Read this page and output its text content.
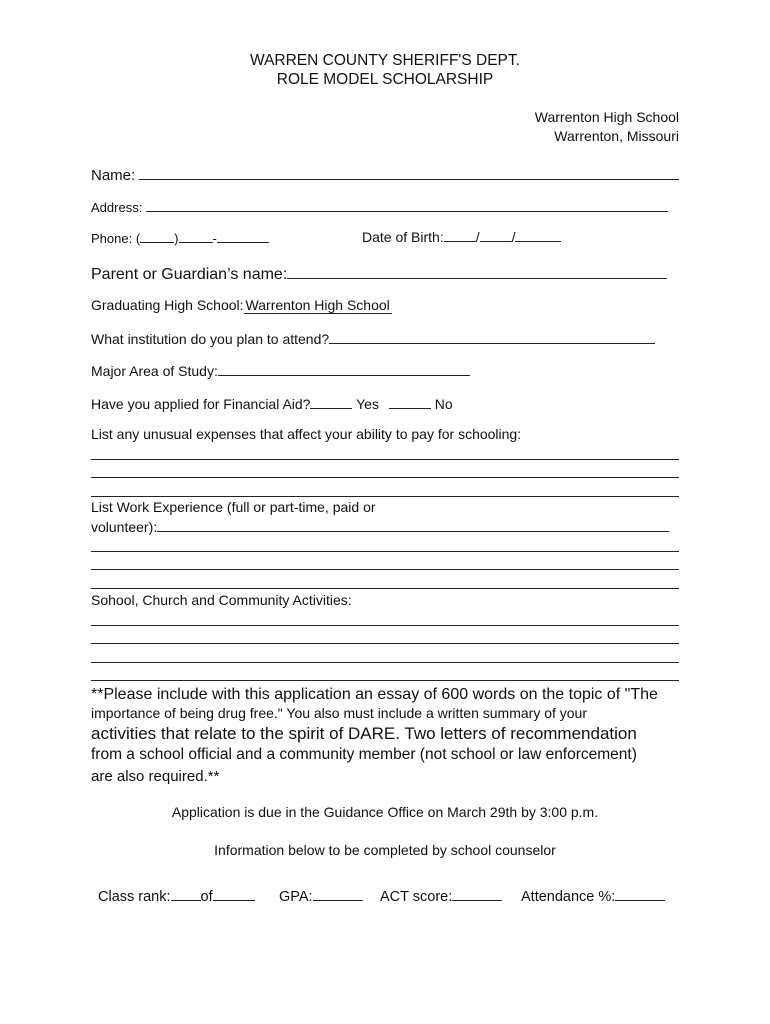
WARREN COUNTY SHERIFF'S DEPT.
ROLE MODEL SCHOLARSHIP
Warrenton High School
Warrenton, Missouri
Name:
Address:
Phone: (	)	-	Date of Birth: / /
Parent or Guardian’s name:
Graduating High School: Warrenton High School
What institution do you plan to attend?
Major Area of Study:
Have you applied for Financial Aid?	Yes	No
List any unusual expenses that affect your ability to pay for schooling:
List Work Experience (full or part-time, paid or
volunteer):
Sohool, Church and Community Activities:
**Please include with this application an essay of 600 words on the topic of "The
importance of being drug free." You also must include a written summary of your
activities that relate to the spirit of DARE. Two letters of recommendation
from a school official and a community member (not school or law enforcement)
are also required.**
Application is due in the Guidance Office on March 29th by 3:00 p.m.
Information below to be completed by school counselor
Class rank: of	GPA:	ACT score:	Attendance %:
